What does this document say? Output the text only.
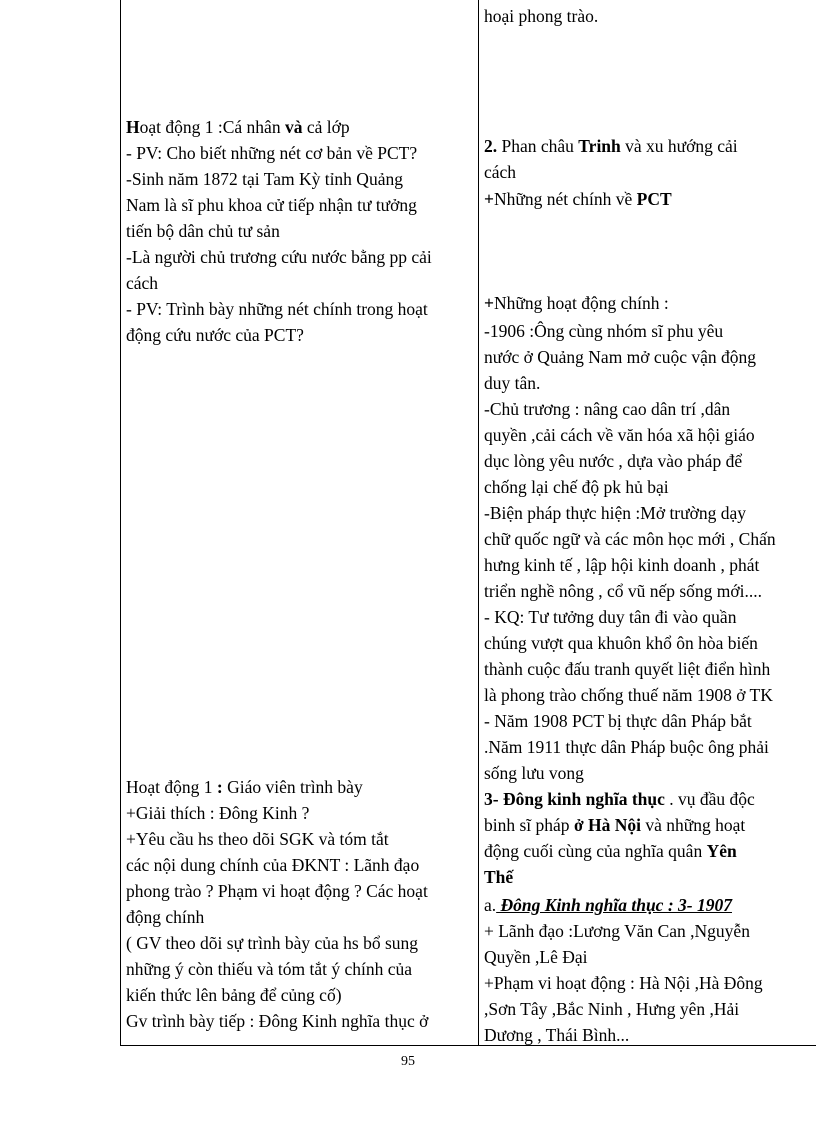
hoại phong trào.
2. Phan châu Trinh và xu hướng cải
cách
+Những nét chính về PCT
+Những hoạt động chính :
-1906 :Ông cùng nhóm sĩ phu yêu
nước ở Quảng Nam mở cuộc vận động
duy tân.
-Chủ trương : nâng cao dân trí ,dân
quyền ,cải cách về văn hóa xã hội giáo
dục lòng yêu nước , dựa vào pháp để
chống lại chế độ pk hủ bại
-Biện pháp thực hiện :Mở trường dạy
chữ quốc ngữ và các môn học mới , Chấn
hưng kinh tế , lập hội kinh doanh , phát
triển nghề nông , cổ vũ nếp sống mới....
- KQ: Tư tưởng duy tân đi vào quần
chúng vượt qua khuôn khổ ôn hòa biến
thành cuộc đấu tranh quyết liệt điển hình
là phong trào chống thuế năm 1908 ở TK
- Năm 1908 PCT bị thực dân Pháp bắt
.Năm 1911 thực dân Pháp buộc ông phải
sống lưu vong
3- Đông kinh nghĩa thục . vụ đầu độc
binh sĩ pháp ở Hà Nội và những hoạt
động cuối cùng của nghĩa quân Yên
Thế
a. Đông Kinh nghĩa thục : 3- 1907
+ Lãnh đạo :Lương Văn Can ,Nguyễn
Quyền ,Lê Đại
+Phạm vi hoạt động : Hà Nội ,Hà Đông
,Sơn Tây ,Bắc Ninh , Hưng yên ,Hải
Dương , Thái Bình...
Hoạt động 1 :Cá nhân và cả lớp
- PV: Cho biết những nét cơ bản về PCT?
-Sinh năm 1872 tại Tam Kỳ tỉnh Quảng
Nam là sĩ phu khoa cử tiếp nhận tư tưởng
tiến bộ dân chủ tư sản
-Là người chủ trương cứu nước bằng pp cải
cách
- PV: Trình bày những nét chính trong hoạt
động cứu nước của PCT?
Hoạt động 1 : Giáo viên trình bày
+Giải thích : Đông Kinh ?
+Yêu cầu hs theo dõi SGK và tóm tắt
các nội dung chính của ĐKNT : Lãnh đạo
phong trào ? Phạm vi hoạt động ? Các hoạt
động chính
( GV theo dõi sự trình bày của hs bổ sung
những ý còn thiếu và tóm tắt ý chính của
kiến thức lên bảng để củng cố)
Gv trình bày tiếp : Đông Kinh nghĩa thục ở
95
